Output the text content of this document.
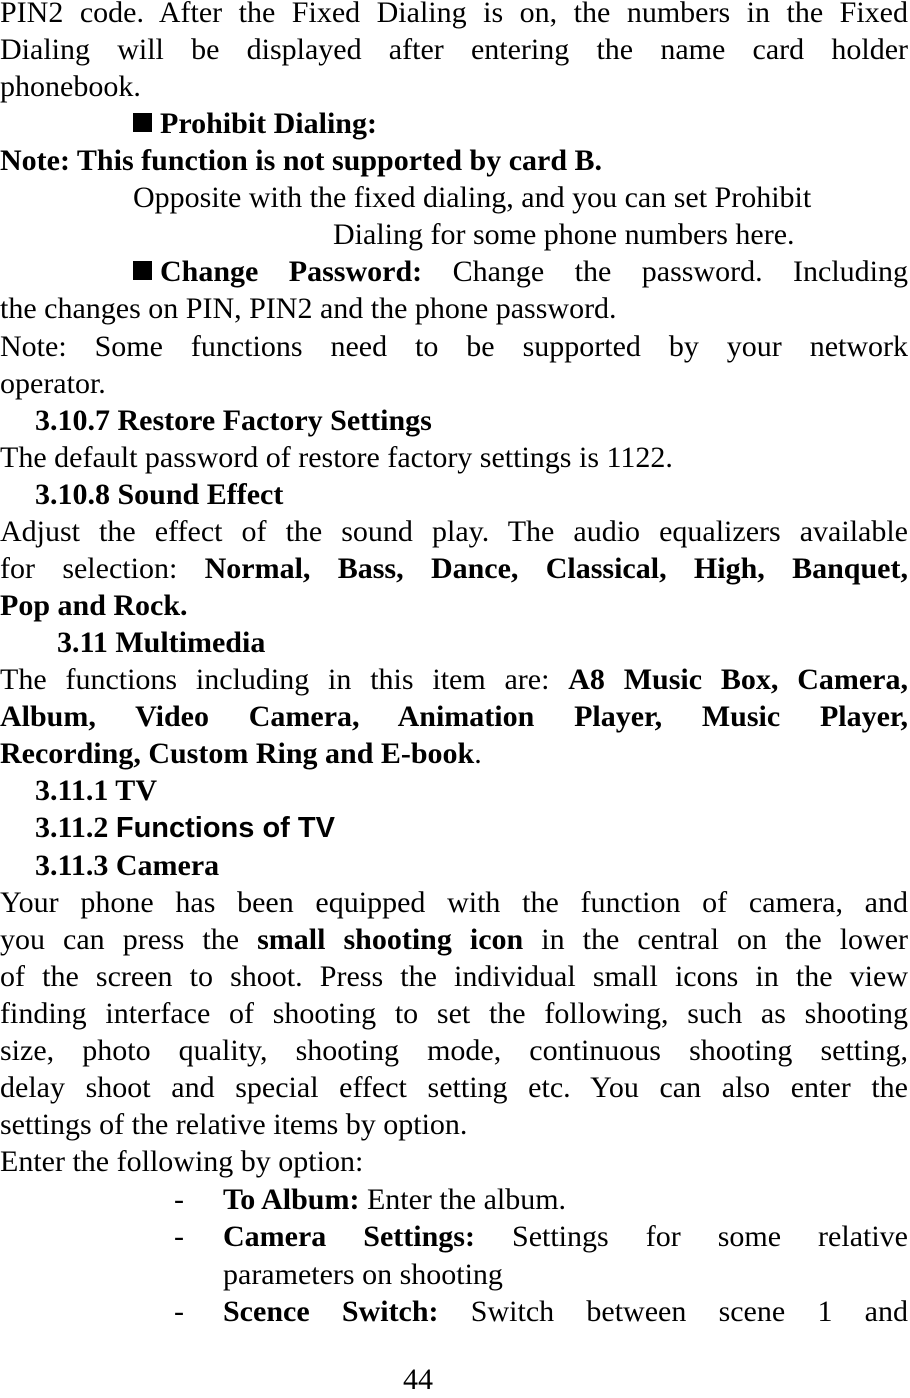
PIN2 code. After the Fixed Dialing is on, the numbers in the Fixed
Dialing will be displayed after entering the name card holder
phonebook.
Prohibit Dialing:
Note: This function is not supported by card B.
Opposite with the fixed dialing, and you can set Prohibit
Dialing for some phone numbers here.
Change Password: Change the password. Including
the changes on PIN, PIN2 and the phone password.
Note: Some functions need to be supported by your network
operator.
3.10.7 Restore Factory Settings
The default password of restore factory settings is 1122.
3.10.8 Sound Effect
Adjust the effect of the sound play. The audio equalizers available
for selection: Normal, Bass, Dance, Classical, High, Banquet,
Pop and Rock.
3.11 Multimedia
The functions including in this item are: A8 Music Box, Camera,
Album, Video Camera, Animation Player, Music Player,
Recording, Custom Ring and E-book.
3.11.1 TV
3.11.2 Functions of TV
3.11.3 Camera
Your phone has been equipped with the function of camera, and
you can press the small shooting icon in the central on the lower
of the screen to shoot. Press the individual small icons in the view
finding interface of shooting to set the following, such as shooting
size, photo quality, shooting mode, continuous shooting setting,
delay shoot and special effect setting etc. You can also enter the
settings of the relative items by option.
Enter the following by option:
- To Album: Enter the album.
- Camera Settings: Settings for some relative
parameters on shooting
- Scence Switch: Switch between scene 1 and
44
